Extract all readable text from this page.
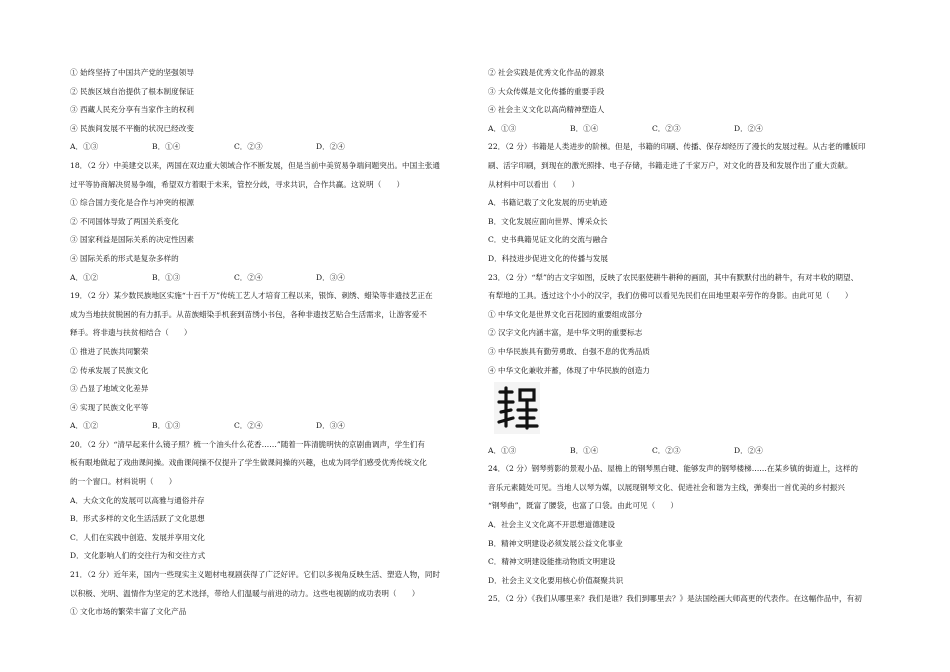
① 始终坚持了中国共产党的坚强领导
② 民族区域自治提供了根本制度保证
③ 西藏人民充分享有当家作主的权利
④ 民族间发展不平衡的状况已经改变
A．①③	B．①④	C．②③	D．②④
18．（2 分）中美建交以来，两国在双边重大领域合作不断发展，但是当前中美贸易争端问题突出。中国主张通
过平等协商解决贸易争端，希望双方着眼于未来，管控分歧，寻求共识，合作共赢。这说明（　　）
① 综合国力变化是合作与冲突的根源
② 不同国体导致了两国关系变化
③ 国家利益是国际关系的决定性因素
④ 国际关系的形式是复杂多样的
A．①②	B．①③	C．②④	D．③④
19．（2 分）某少数民族地区实施“十百千万”传统工艺人才培育工程以来，银饰、刺绣、蜡染等非遗技艺正在
成为当地扶贫脱困的有力抓手。从苗族蜡染手机套到苗绣小书包，各种非遗技艺贴合生活需求，让游客爱不
释手。将非遗与扶贫相结合（　　）
① 推进了民族共同繁荣
② 传承发展了民族文化
③ 凸显了地域文化差异
④ 实现了民族文化平等
A．①②	B．①③	C．②④	D．③④
20．（2 分）“清早起来什么镜子照？梳一个油头什么花香……”随着一阵清脆明快的京剧曲调声，学生们有
板有眼地做起了戏曲课间操。戏曲课间操不仅提升了学生做课间操的兴趣，也成为同学们感受优秀传统文化
的一个窗口。材料说明（　　）
A．大众文化的发展可以高雅与通俗并存
B．形式多样的文化生活活跃了文化思想
C．人们在实践中创造、发展并享用文化
D．文化影响人们的交往行为和交往方式
21．（2 分）近年来，国内一些现实主义题材电视剧获得了广泛好评。它们以多视角反映生活、塑造人物，同时
以积极、光明、温情作为坚定的艺术选择，带给人们温暖与前进的动力。这些电视剧的成功表明（　　）
① 文化市场的繁荣丰富了文化产品
② 社会实践是优秀文化作品的源泉
③ 大众传媒是文化传播的重要手段
④ 社会主义文化以高尚精神塑造人
A．①③	B．①④	C．②③	D．②④
22．（2 分）书籍是人类进步的阶梯。但是，书籍的印刷、传播、保存却经历了漫长的发展过程。从古老的雕版印
刷、活字印刷，到现在的激光照排、电子存储，书籍走进了千家万户，对文化的普及和发展作出了重大贡献。
从材料中可以看出（　　）
A．书籍记载了文化发展的历史轨迹
B．文化发展应面向世界、博采众长
C．史书典籍见证文化的交流与融合
D．科技进步促进文化的传播与发展
23．（2 分）“犁”的古文字如图，反映了农民驱使耕牛耕种的画面，其中有默默付出的耕牛，有对丰收的期望、
有犁地的工具。透过这个小小的汉字，我们仿佛可以看见先民们在田地里艰辛劳作的身影。由此可见（　　）
① 中华文化是世界文化百花园的重要组成部分
② 汉字文化内涵丰富，是中华文明的重要标志
③ 中华民族具有勤劳勇敢、自强不息的优秀品质
④ 中华文化兼收并蓄，体现了中华民族的创造力
A．①③	B．①④	C．②③	D．②④
24．（2 分）钢琴剪影的景观小品、屋檐上的钢琴黑白键、能够发声的钢琴楼梯……在某乡镇的街道上，这样的
音乐元素随处可见。当地人以琴为媒，以展现钢琴文化、促进社会和谐为主线，弹奏出一首优美的乡村振兴
“钢琴曲”，既富了腰袋，也富了口袋。由此可见（　　）
A．社会主义文化离不开思想道德建设
B．精神文明建设必须发展公益文化事业
C．精神文明建设能推动物质文明建设
D．社会主义文化要用核心价值凝聚共识
25．（2 分）《我们从哪里来？我们是谁？我们到哪里去？》是法国绘画大师高更的代表作。在这幅作品中，有初
